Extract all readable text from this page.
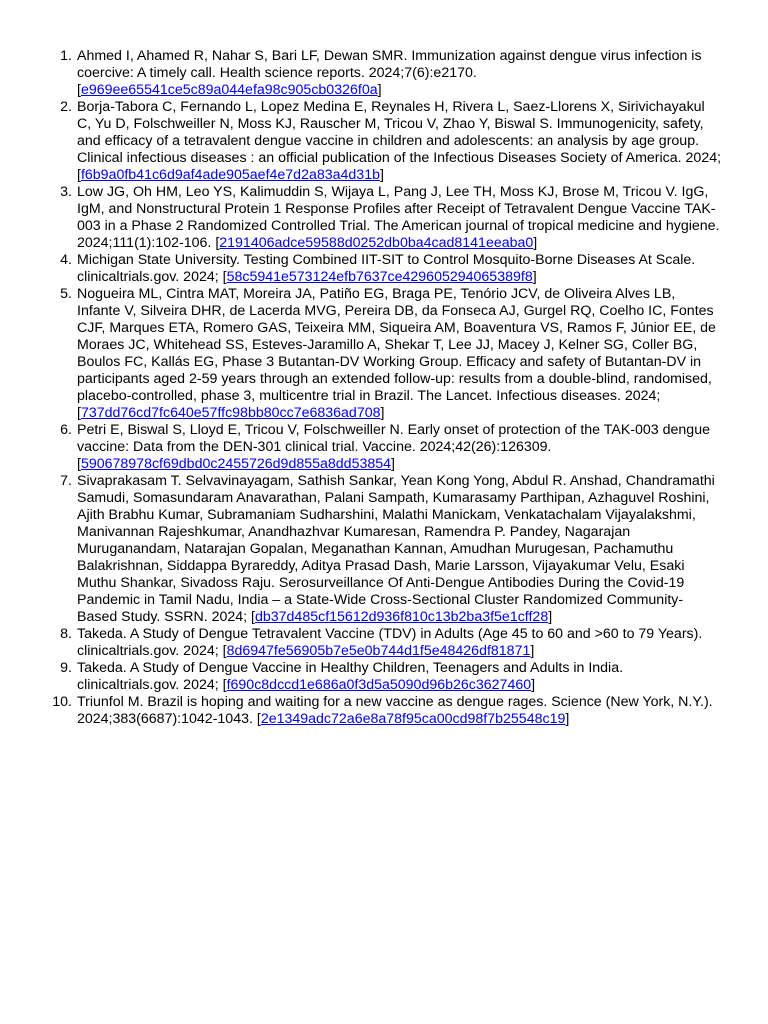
1. Ahmed I, Ahamed R, Nahar S, Bari LF, Dewan SMR. Immunization against dengue virus infection is coercive: A timely call. Health science reports. 2024;7(6):e2170. [e969ee65541ce5c89a044efa98c905cb0326f0a]
2. Borja-Tabora C, Fernando L, Lopez Medina E, Reynales H, Rivera L, Saez-Llorens X, Sirivichayakul C, Yu D, Folschweiller N, Moss KJ, Rauscher M, Tricou V, Zhao Y, Biswal S. Immunogenicity, safety, and efficacy of a tetravalent dengue vaccine in children and adolescents: an analysis by age group. Clinical infectious diseases : an official publication of the Infectious Diseases Society of America. 2024; [f6b9a0fb41c6d9af4ade905aef4e7d2a83a4d31b]
3. Low JG, Oh HM, Leo YS, Kalimuddin S, Wijaya L, Pang J, Lee TH, Moss KJ, Brose M, Tricou V. IgG, IgM, and Nonstructural Protein 1 Response Profiles after Receipt of Tetravalent Dengue Vaccine TAK-003 in a Phase 2 Randomized Controlled Trial. The American journal of tropical medicine and hygiene. 2024;111(1):102-106. [2191406adce59588d0252db0ba4cad8141eeaba0]
4. Michigan State University. Testing Combined IIT-SIT to Control Mosquito-Borne Diseases At Scale. clinicaltrials.gov. 2024; [58c5941e573124efb7637ce429605294065389f8]
5. Nogueira ML, Cintra MAT, Moreira JA, Patiño EG, Braga PE, Tenório JCV, de Oliveira Alves LB, Infante V, Silveira DHR, de Lacerda MVG, Pereira DB, da Fonseca AJ, Gurgel RQ, Coelho IC, Fontes CJF, Marques ETA, Romero GAS, Teixeira MM, Siqueira AM, Boaventura VS, Ramos F, Júnior EE, de Moraes JC, Whitehead SS, Esteves-Jaramillo A, Shekar T, Lee JJ, Macey J, Kelner SG, Coller BG, Boulos FC, Kallás EG, Phase 3 Butantan-DV Working Group. Efficacy and safety of Butantan-DV in participants aged 2-59 years through an extended follow-up: results from a double-blind, randomised, placebo-controlled, phase 3, multicentre trial in Brazil. The Lancet. Infectious diseases. 2024; [737dd76cd7fc640e57ffc98bb80cc7e6836ad708]
6. Petri E, Biswal S, Lloyd E, Tricou V, Folschweiller N. Early onset of protection of the TAK-003 dengue vaccine: Data from the DEN-301 clinical trial. Vaccine. 2024;42(26):126309. [590678978cf69dbd0c2455726d9d855a8dd53854]
7. Sivaprakasam T. Selvavinayagam, Sathish Sankar, Yean Kong Yong, Abdul R. Anshad, Chandramathi Samudi, Somasundaram Anavarathan, Palani Sampath, Kumarasamy Parthipan, Azhaguvel Roshini, Ajith Brabhu Kumar, Subramaniam Sudharshini, Malathi Manickam, Venkatachalam Vijayalakshmi, Manivannan Rajeshkumar, Anandhazhvar Kumaresan, Ramendra P. Pandey, Nagarajan Muruganandam, Natarajan Gopalan, Meganathan Kannan, Amudhan Murugesan, Pachamuthu Balakrishnan, Siddappa Byrareddy, Aditya Prasad Dash, Marie Larsson, Vijayakumar Velu, Esaki Muthu Shankar, Sivadoss Raju. Serosurveillance Of Anti-Dengue Antibodies During the Covid-19 Pandemic in Tamil Nadu, India – a State-Wide Cross-Sectional Cluster Randomized Community-Based Study. SSRN. 2024; [db37d485cf15612d936f810c13b2ba3f5e1cff28]
8. Takeda. A Study of Dengue Tetravalent Vaccine (TDV) in Adults (Age 45 to 60 and >60 to 79 Years). clinicaltrials.gov. 2024; [8d6947fe56905b7e5e0b744d1f5e48426df81871]
9. Takeda. A Study of Dengue Vaccine in Healthy Children, Teenagers and Adults in India. clinicaltrials.gov. 2024; [f690c8dccd1e686a0f3d5a5090d96b26c3627460]
10. Triunfol M. Brazil is hoping and waiting for a new vaccine as dengue rages. Science (New York, N.Y.). 2024;383(6687):1042-1043. [2e1349adc72a6e8a78f95ca00cd98f7b25548c19]
